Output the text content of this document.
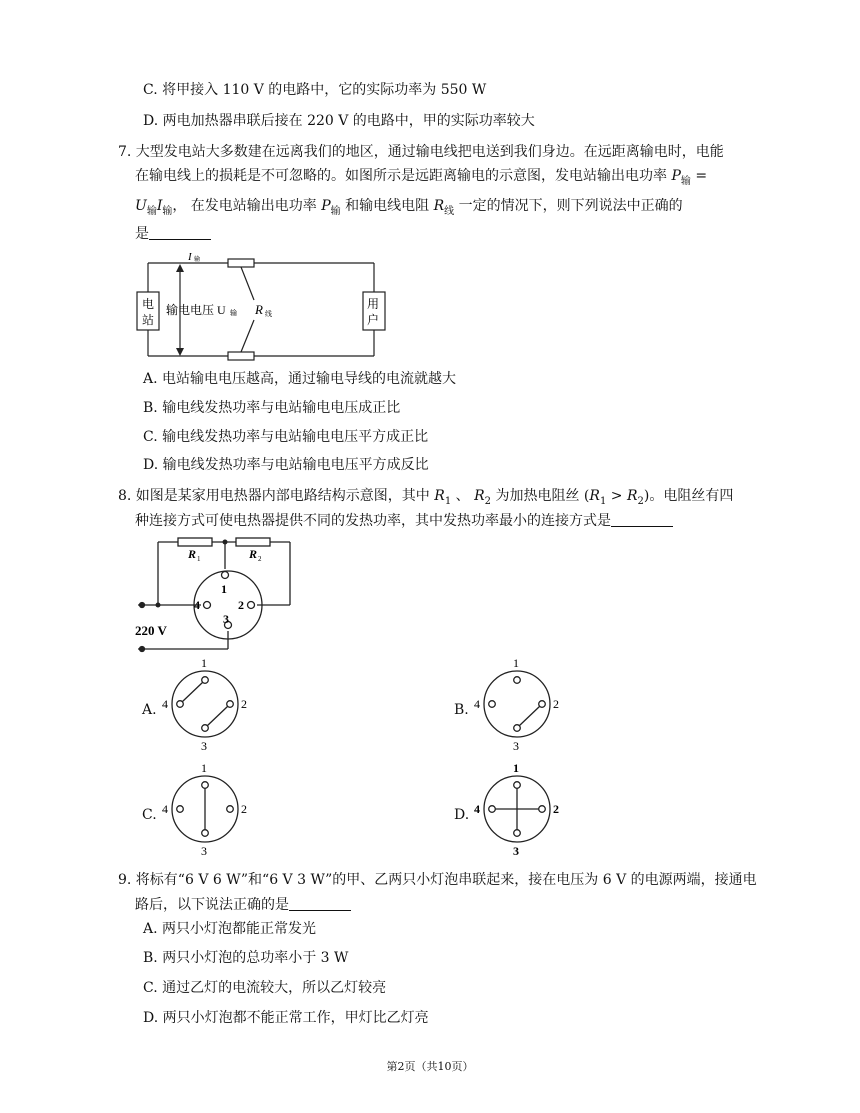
C. 将甲接入 110 V 的电路中，它的实际功率为 550 W
D. 两电加热器串联后接在 220 V 的电路中，甲的实际功率较大
7. 大型发电站大多数建在远离我们的地区，通过输电线把电送到我们身边。在远距离输电时，电能
在输电线上的损耗是不可忽略的。如图所示是远距离输电的示意图，发电站输出电功率 $P_输$ =
$U_输I_输$， 在发电站输出电功率 $P_输$ 和输电线电阻 $R_线$ 一定的情况下，则下列说法中正确的
是
I 输
电
站
用
户
输电电压 U 输 R 线
A. 电站输电电压越高，通过输电导线的电流就越大
B. 输电线发热功率与电站输电电压成正比
C. 输电线发热功率与电站输电电压平方成正比
D. 输电线发热功率与电站输电电压平方成反比
8. 如图是某家用电热器内部电路结构示意图，其中 $R_1$ 、 $R_2$ 为加热电阻丝 $(R_1 > R_2)$。电阻丝有四
种连接方式可使电热器提供不同的发热功率，其中发热功率最小的连接方式是
R 1	R 2
1
2
3
4
220 V
A.
1
2
3
4	B.
1
2
3
4
C.
1
2
3
4	D.
1
2
3
4
9. 将标有“6 V 6 W”和“6 V 3 W”的甲、乙两只小灯泡串联起来，接在电压为 6 V 的电源两端，接通电
路后，以下说法正确的是
A. 两只小灯泡都能正常发光
B. 两只小灯泡的总功率小于 3 W
C. 通过乙灯的电流较大，所以乙灯较亮
D. 两只小灯泡都不能正常工作，甲灯比乙灯亮
第2页（共10页）
